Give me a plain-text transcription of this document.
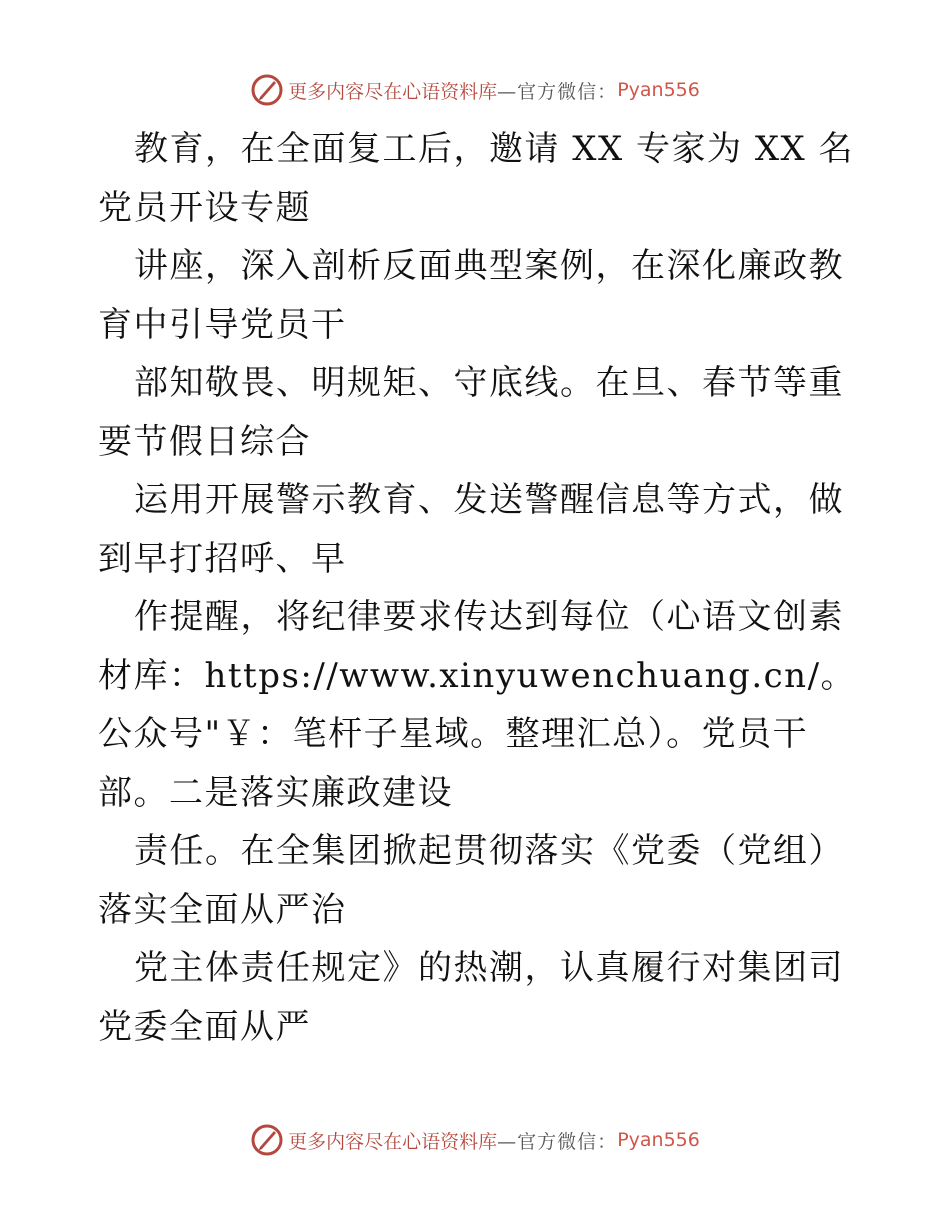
更多内容尽在心语资料库 —官方微信： Pyan556

教育，在全面复工后，邀请 XX 专家为 XX 名党员开设专题

讲座，深入剖析反面典型案例，在深化廉政教育中引导党员干

部知敬畏、明规矩、守底线。在旦、春节等重要节假日综合

运用开展警示教育、发送警醒信息等方式，做到早打招呼、早

作提醒，将纪律要求传达到每位（心语文创素材库：https://www.xinyuwenchuang.cn/。公众号"￥：笔杆子星域。整理汇总）。党员干部。二是落实廉政建设

责任。在全集团掀起贯彻落实《党委（党组）落实全面从严治

党主体责任规定》的热潮，认真履行对集团司党委全面从严

更多内容尽在心语资料库 —官方微信： Pyan556
